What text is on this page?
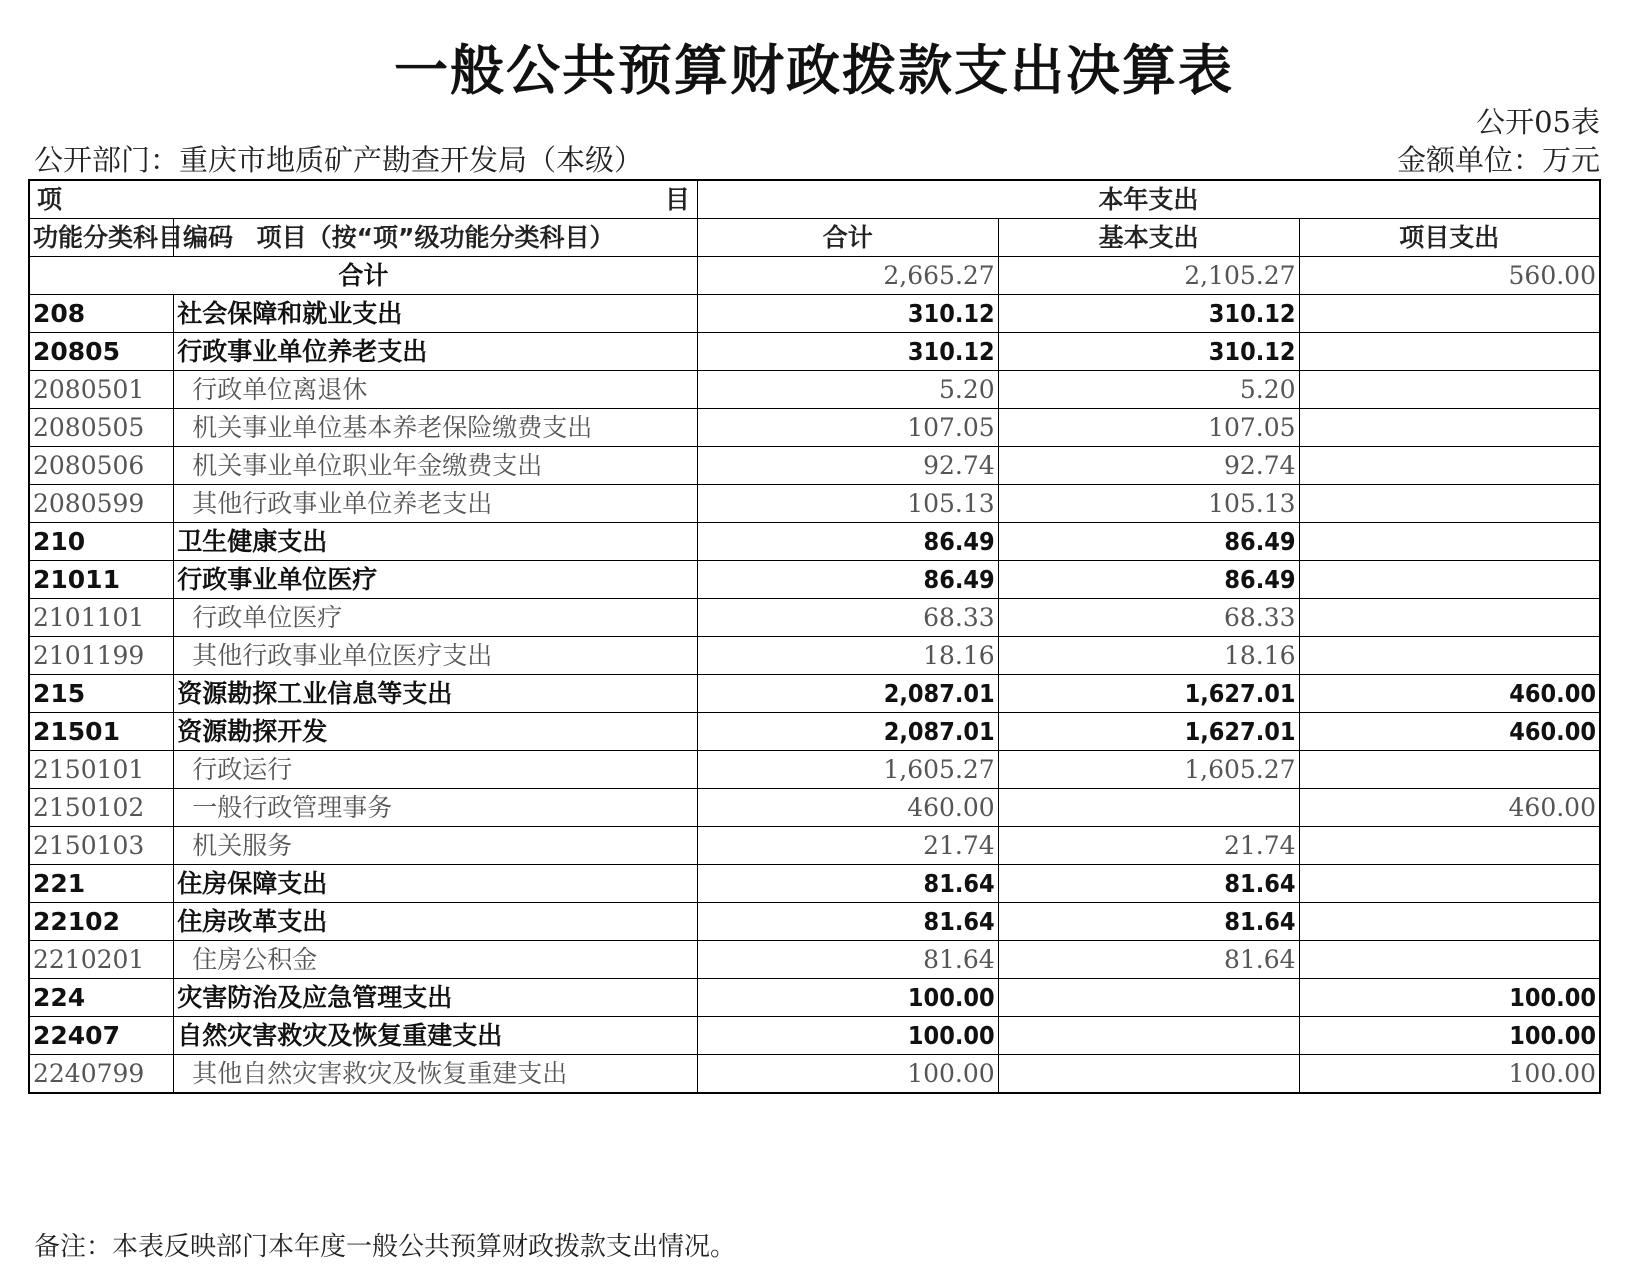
一般公共预算财政拨款支出决算表
公开05表
公开部门：重庆市地质矿产勘查开发局（本级）	金额单位：万元
项 目		本年支出		

功能分类科目编码	项目（按“项”级功能分类科目）	合计	基本支出	项目支出
合计		2,665.27	2,105.27	560.00
208	社会保障和就业支出	310.12	310.12	
20805	行政事业单位养老支出	310.12	310.12	
2080501	行政单位离退休	5.20	5.20	
2080505	机关事业单位基本养老保险缴费支出	107.05	107.05	
2080506	机关事业单位职业年金缴费支出	92.74	92.74	
2080599	其他行政事业单位养老支出	105.13	105.13	
210	卫生健康支出	86.49	86.49	
21011	行政事业单位医疗	86.49	86.49	
2101101	行政单位医疗	68.33	68.33	
2101199	其他行政事业单位医疗支出	18.16	18.16	
215	资源勘探工业信息等支出	2,087.01	1,627.01	460.00
21501	资源勘探开发	2,087.01	1,627.01	460.00
2150101	行政运行	1,605.27	1,605.27	
2150102	一般行政管理事务	460.00		460.00
2150103	机关服务	21.74	21.74	
221	住房保障支出	81.64	81.64	
22102	住房改革支出	81.64	81.64	
2210201	住房公积金	81.64	81.64	
224	灾害防治及应急管理支出	100.00		100.00
22407	自然灾害救灾及恢复重建支出	100.00		100.00
2240799	其他自然灾害救灾及恢复重建支出	100.00		100.00
备注：本表反映部门本年度一般公共预算财政拨款支出情况。
